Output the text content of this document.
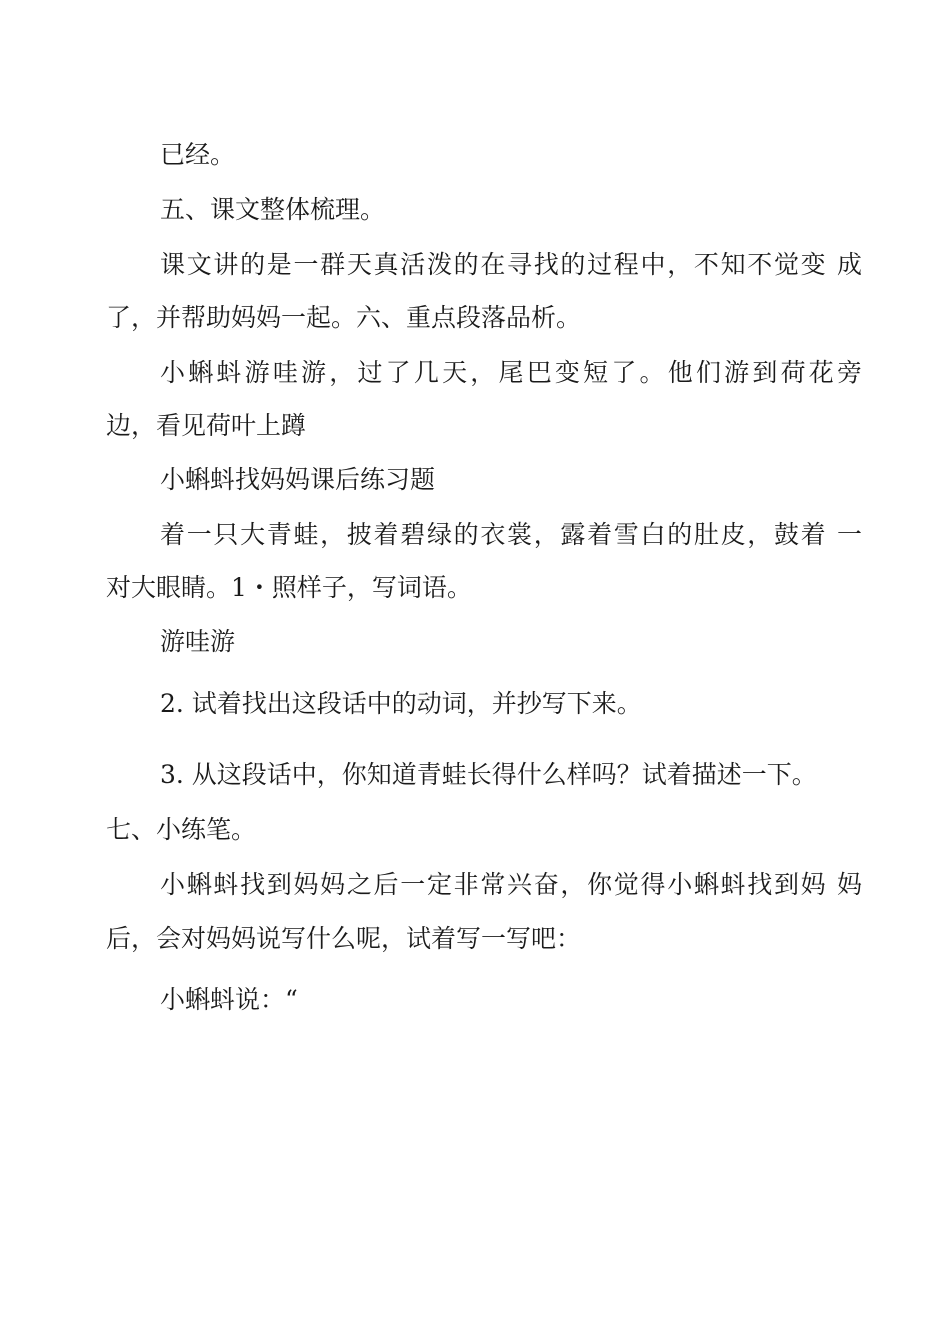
已经。
五、课文整体梳理。
课文讲的是一群天真活泼的在寻找的过程中，不知不觉变 成
了，并帮助妈妈一起。六、重点段落品析。
小蝌蚪游哇游，过了几天，尾巴变短了。他们游到荷花旁
边，看见荷叶上蹲
小蝌蚪找妈妈课后练习题
着一只大青蛙，披着碧绿的衣裳，露着雪白的肚皮，鼓着 一
对大眼睛。1・照样子，写词语。
游哇游
2. 试着找出这段话中的动词，并抄写下来。
3. 从这段话中，你知道青蛙长得什么样吗？试着描述一下。
七、小练笔。
小蝌蚪找到妈妈之后一定非常兴奋，你觉得小蝌蚪找到妈 妈
后，会对妈妈说写什么呢，试着写一写吧：
小蝌蚪说：“
